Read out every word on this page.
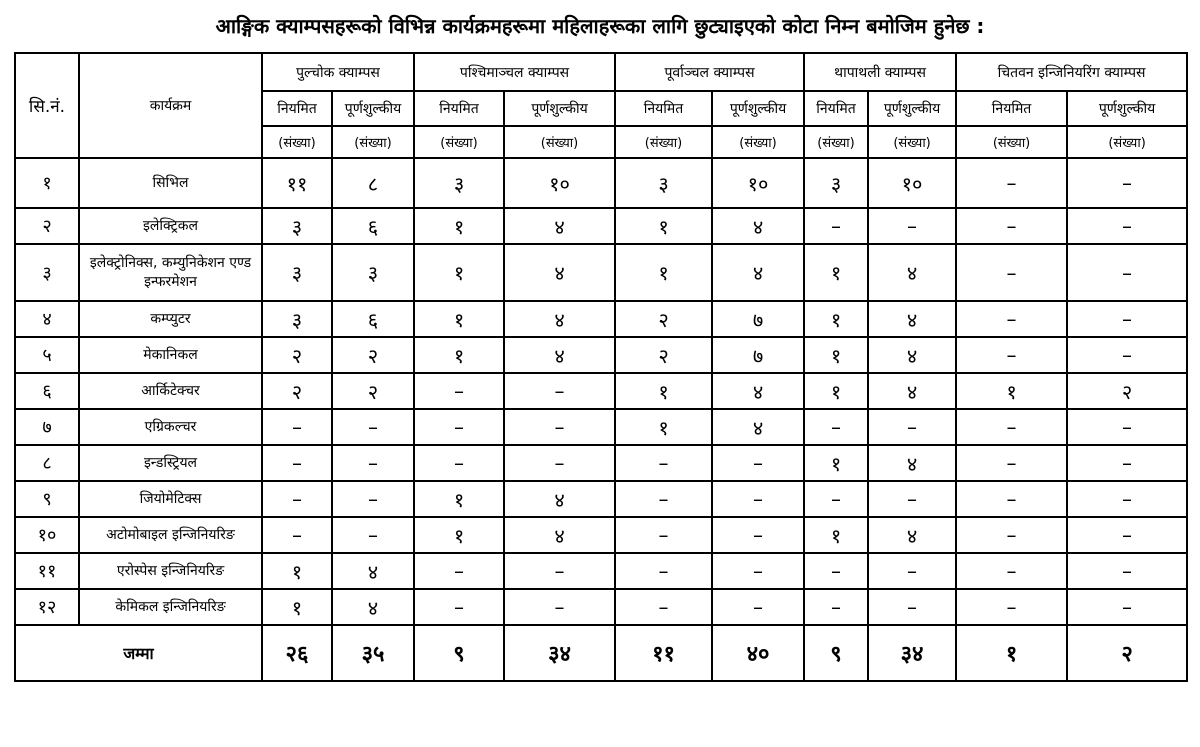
आङ्गिक क्याम्पसहरूको विभिन्न कार्यक्रमहरूमा महिलाहरूका लागि छुट्याइएको कोटा निम्न बमोजिम हुनेछ :
सि.नं.	कार्यक्रम	पुल्चोक क्याम्पस		पश्चिमाञ्चल क्याम्पस		पूर्वाञ्चल क्याम्पस		थापाथली क्याम्पस		चितवन इन्जिनियरिंग क्याम्पस	
		नियमित	पूर्णशुल्कीय	नियमित	पूर्णशुल्कीय	नियमित	पूर्णशुल्कीय	नियमित	पूर्णशुल्कीय	नियमित	पूर्णशुल्कीय
		(संख्या)	(संख्या)	(संख्या)	(संख्या)	(संख्या)	(संख्या)	(संख्या)	(संख्या)	(संख्या)	(संख्या)
१	सिभिल	११	८	३	१०	३	१०	३	१०	–	–
२	इलेक्ट्रिकल	३	६	१	४	१	४	–	–	–	–
३	इलेक्ट्रोनिक्स, कम्युनिकेशन एण्ड इन्फरमेशन	३	३	१	४	१	४	१	४	–	–
४	कम्प्युटर	३	६	१	४	२	७	१	४	–	–
५	मेकानिकल	२	२	१	४	२	७	१	४	–	–
६	आर्किटेक्चर	२	२	–	–	१	४	१	४	१	२
७	एग्रिकल्चर	–	–	–	–	१	४	–	–	–	–
८	इन्डस्ट्रियल	–	–	–	–	–	–	१	४	–	–
९	जियोमेटिक्स	–	–	१	४	–	–	–	–	–	–
१०	अटोमोबाइल इन्जिनियरिङ	–	–	१	४	–	–	१	४	–	–
११	एरोस्पेस इन्जिनियरिङ	१	४	–	–	–	–	–	–	–	–
१२	केमिकल इन्जिनियरिङ	१	४	–	–	–	–	–	–	–	–
जम्मा		२६	३५	९	३४	११	४०	९	३४	१	२
